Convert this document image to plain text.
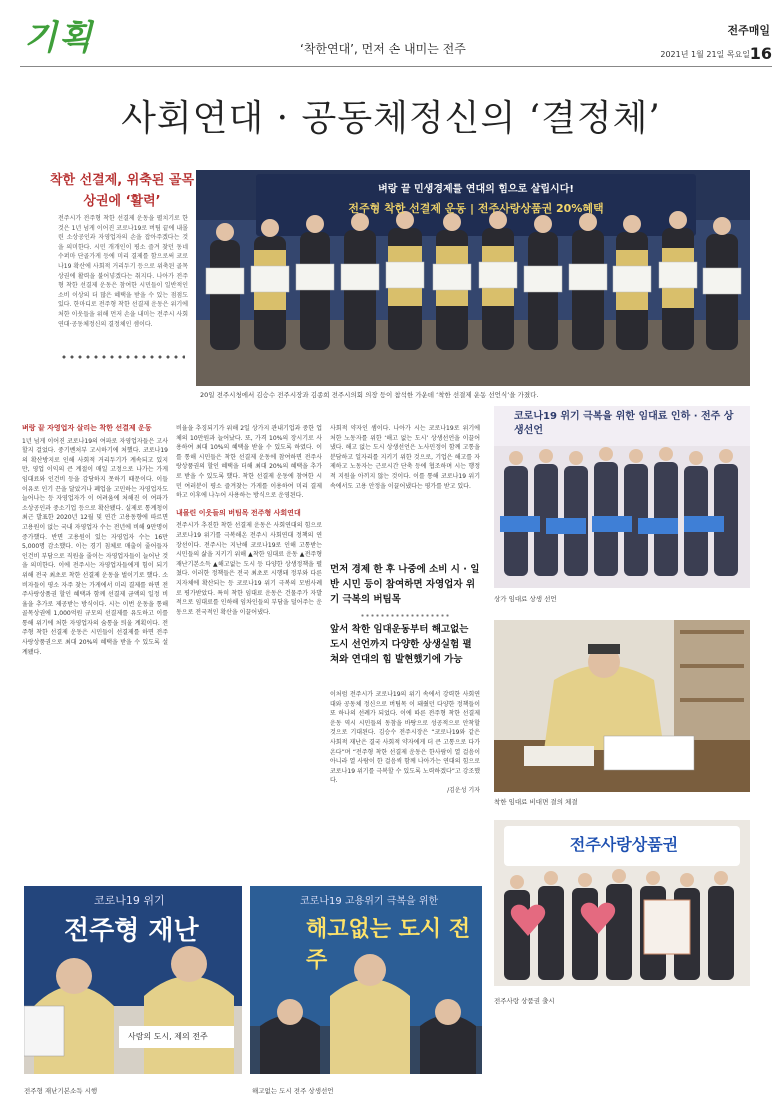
기획	‘착한연대’, 먼저 손 내미는 전주
전주매일
2021년 1월 21일 목요일 16
사회연대 · 공동체정신의 ‘결정체’
착한 선결제, 위축된 골목상권에 ‘활력’
전주시가 전주형 착한 선결제 운동을 펼치기로 한 것은 1년 넘게 이어진 코로나19로 버팀 끝에 내몰린 소상공인과 자영업자의 손을 잡아주겠다는 것을 의미한다. 시민 개개인이 평소 즐겨 찾던 동네수퍼마 단골가게 등에 미리 결제를 함으로써 코로나19 확산에 사회적 거리두기 등으로 위축된 골목상권에 활력을 불어넣겠다는 취지다. 나아가 전주형 착한 선결제 운동은 참여한 시민들이 일반적인 소비 이상의 더 많은 혜택을 받을 수 있는 점점도 있다. 한마디로 전주형 착한 선결제 운동은 위기에 처한 이웃들을 위해 먼저 손을 내미는 전주시 사회연대·공동체정신의 결정체인 셈이다.
벼랑 끝 민생경제를 연대의 힘으로 살립시다!
전주형 착한 선결제 운동 | 전주사랑상품권 20%혜택
20일 전주시청에서 김승수 전주시장과 김종희 전주시의회 의장 등이 참석한 가운데 ‘착한 선결제 운동 선언식’을 가졌다.
벼랑 끝 자영업자 살리는 착한 선결제 운동
1년 넘게 이어진 코로나19의 여파로 자영업자들은 고사할지 걸었다. 중기벤처부 고시하기에 처했다. 코로나19의 확산방지로 인해 사회적 거리두기가 계속되고 있지만, 영업 이익의 큰 계절이 매일 고정으로 나가는 가게 임대료와 인건비 등을 감당하지 못하기 때문이다. 이들 이유로 인기 끈을 달았거나 폐업을 고민하는 자영업자도 늘어나는 등 자영업자가 이 어려움에 처해진 이 여파가 소상공인과 중소기업 등으로 확산됐다. 실제로 통계청이 최근 발표한 2020년 12월 및 연간 고용동향에 따르면 고용원이 없는 국내 자영업자 수는 전년에 비해 9만명이 증가했다. 반면 고용원이 있는 자영업자 수는 16만5,000명 감소했다. 이는 경기 침체로 매출이 줄어들자 인건비 부담으로 직원을 줄이는 자영업자들이 늘어난 것을 의미한다. 이에 전주시는 자영업자들에게 힘이 되기 위해 전국 최초로 착한 선결제 운동을 벌이기로 했다. 소비자들이 평소 자주 찾는 가게에서 미리 결제를 하면 전주사랑상품권 할인 혜택과 함께 선결제 금액의 일정 비율을 추가로 제공받는 방식이다. 시는 이번 운동을 통해 골목상권에 1,000억원 규모의 선결제를 유도하고 이를 통해 위기에 처한 자영업자의 숨통을 틔울 계획이다. 전주형 착한 선결제 운동은 시민들이 선결제를 하면 전주사랑상품권으로 최대 20%의 혜택을 받을 수 있도록 설계됐다.
비율을 추징되기가 위해 2일 상가지 관내기업과 중한 업체의 10만원과 늘어났다. 또, 가격 10%의 장시기로 사용하여 최대 10%의 혜택을 받을 수 있도록 하였다. 이를 통해 시민들은 착한 선결제 운동에 참여하면 전주사랑상품권의 할인 혜택을 더해 최대 20%의 혜택을 추가로 받을 수 있도록 했다. 착한 선결제 운동에 참여한 시민 여러분이 평소 즐겨찾는 가게를 이용하여 미리 결제하고 이후에 나누어 사용하는 방식으로 운영된다.
내몰린 이웃들의 버팀목 전주형 사회연대
전주시가 추진한 착한 선결제 운동은 사회연대의 힘으로 코로나19 위기를 극복해온 전주시 사회연대 정책의 연장선이다. 전주시는 지난해 코로나19로 인해 고통받는 시민들의 삶을 지키기 위해 ▲착한 임대료 운동 ▲전주형 재난기본소득 ▲해고없는 도시 등 다양한 상생정책을 펼쳤다. 이러한 정책들은 전국 최초로 시행돼 정부와 다른 지자체에 확산되는 등 코로나19 위기 극복의 모범사례로 평가받았다. 특히 착한 임대료 운동은 건물주가 자발적으로 임대료를 인하해 임차인들의 부담을 덜어주는 운동으로 전국적인 확산을 이끌어냈다.
사회적 약자인 셈이다. 나아가 시는 코로나19로 위기에 처한 노동자를 위한 ‘해고 없는 도시’ 상생선언을 이끌어냈다. 해고 없는 도시 상생선언은 노사민정이 함께 고통을 분담하고 일자리를 지키기 위한 것으로, 기업은 해고를 자제하고 노동자는 근로시간 단축 등에 협조하며 시는 행정적 지원을 아끼지 않는 것이다. 이를 통해 코로나19 위기 속에서도 고용 안정을 이끌어냈다는 평가를 받고 있다.
먼저 경제 한 후 나중에 소비 시 · 일반 시민 등이 참여하면 자영업자 위기 극복의 버팀목
앞서 착한 임대운동부터 해고없는 도시 선언까지 다양한 상생실험 펼쳐와 연대의 힘 발현했기에 가능
이처럼 전주시가 코로나19의 위기 속에서 강력한 사회연대와 공동체 정신으로 버팀목 이 돼줬던 다양한 정책들이 또 하나의 선례가 되었다. 이에 따른 전주형 착한 선결제 운동 역시 시민들의 동참을 바탕으로 성공적으로 안착할 것으로 기대된다. 김승수 전주시장은 “코로나19와 같은 사회적 재난은 결국 사회적 약자에게 더 큰 고통으로 다가온다”며 “전주형 착한 선결제 운동은 한사람이 열 걸음이 아니라 열 사람이 한 걸음씩 함께 나아가는 연대의 힘으로 코로나19 위기를 극복할 수 있도록 노력하겠다”고 강조했다.
/김운성 기자
코로나19 위기 극복을 위한 임대료 인하 · 전주 상생선언
상가 임대료 상생 선언
착한 임대료 비대면 결의 체결
전주사랑상품권
전주사랑 상품권 출시
코로나19 위기
전주형 재난
사람의 도시, 제의 전주
전주형 재난기본소득 시행
코로나19 고용위기 극복을 위한
해고없는 도시 전주
해고없는 도시 전주 상생선언
